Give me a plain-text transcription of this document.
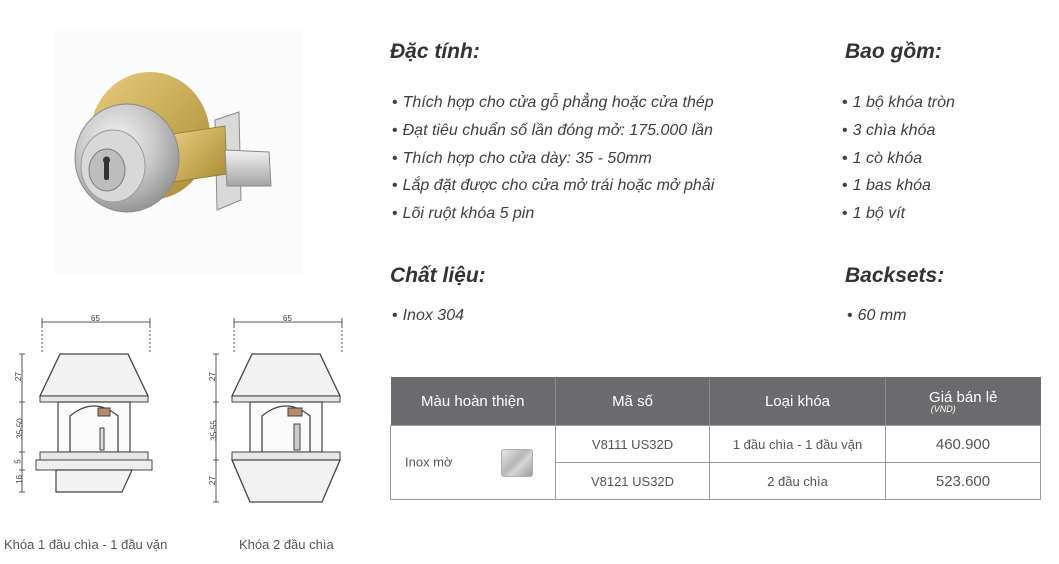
65
27
35-50
5
16
Khóa 1 đầu chìa - 1 đầu vặn
65
27
35-55
27
Khóa 2 đầu chìa
Đặc tính:
• Thích hợp cho cửa gỗ phẳng hoặc cửa thép
• Đạt tiêu chuẩn số lần đóng mở: 175.000 lần
• Thích hợp cho cửa dày: 35 - 50mm
• Lắp đặt được cho cửa mở trái hoặc mở phải
• Lõi ruột khóa 5 pin
Bao gồm:
• 1 bộ khóa tròn
• 3 chìa khóa
• 1 cò khóa
• 1 bas khóa
• 1 bộ vít
Chất liệu:
• Inox 304
Backsets:
• 60 mm
Màu hoàn thiện	Mã số	Loại khóa	Giá bán lẻ
(VND)

Inox mờ	V8111 US32D	1 đầu chìa - 1 đầu vặn	460.900
	V8121 US32D	2 đầu chìa	523.600
